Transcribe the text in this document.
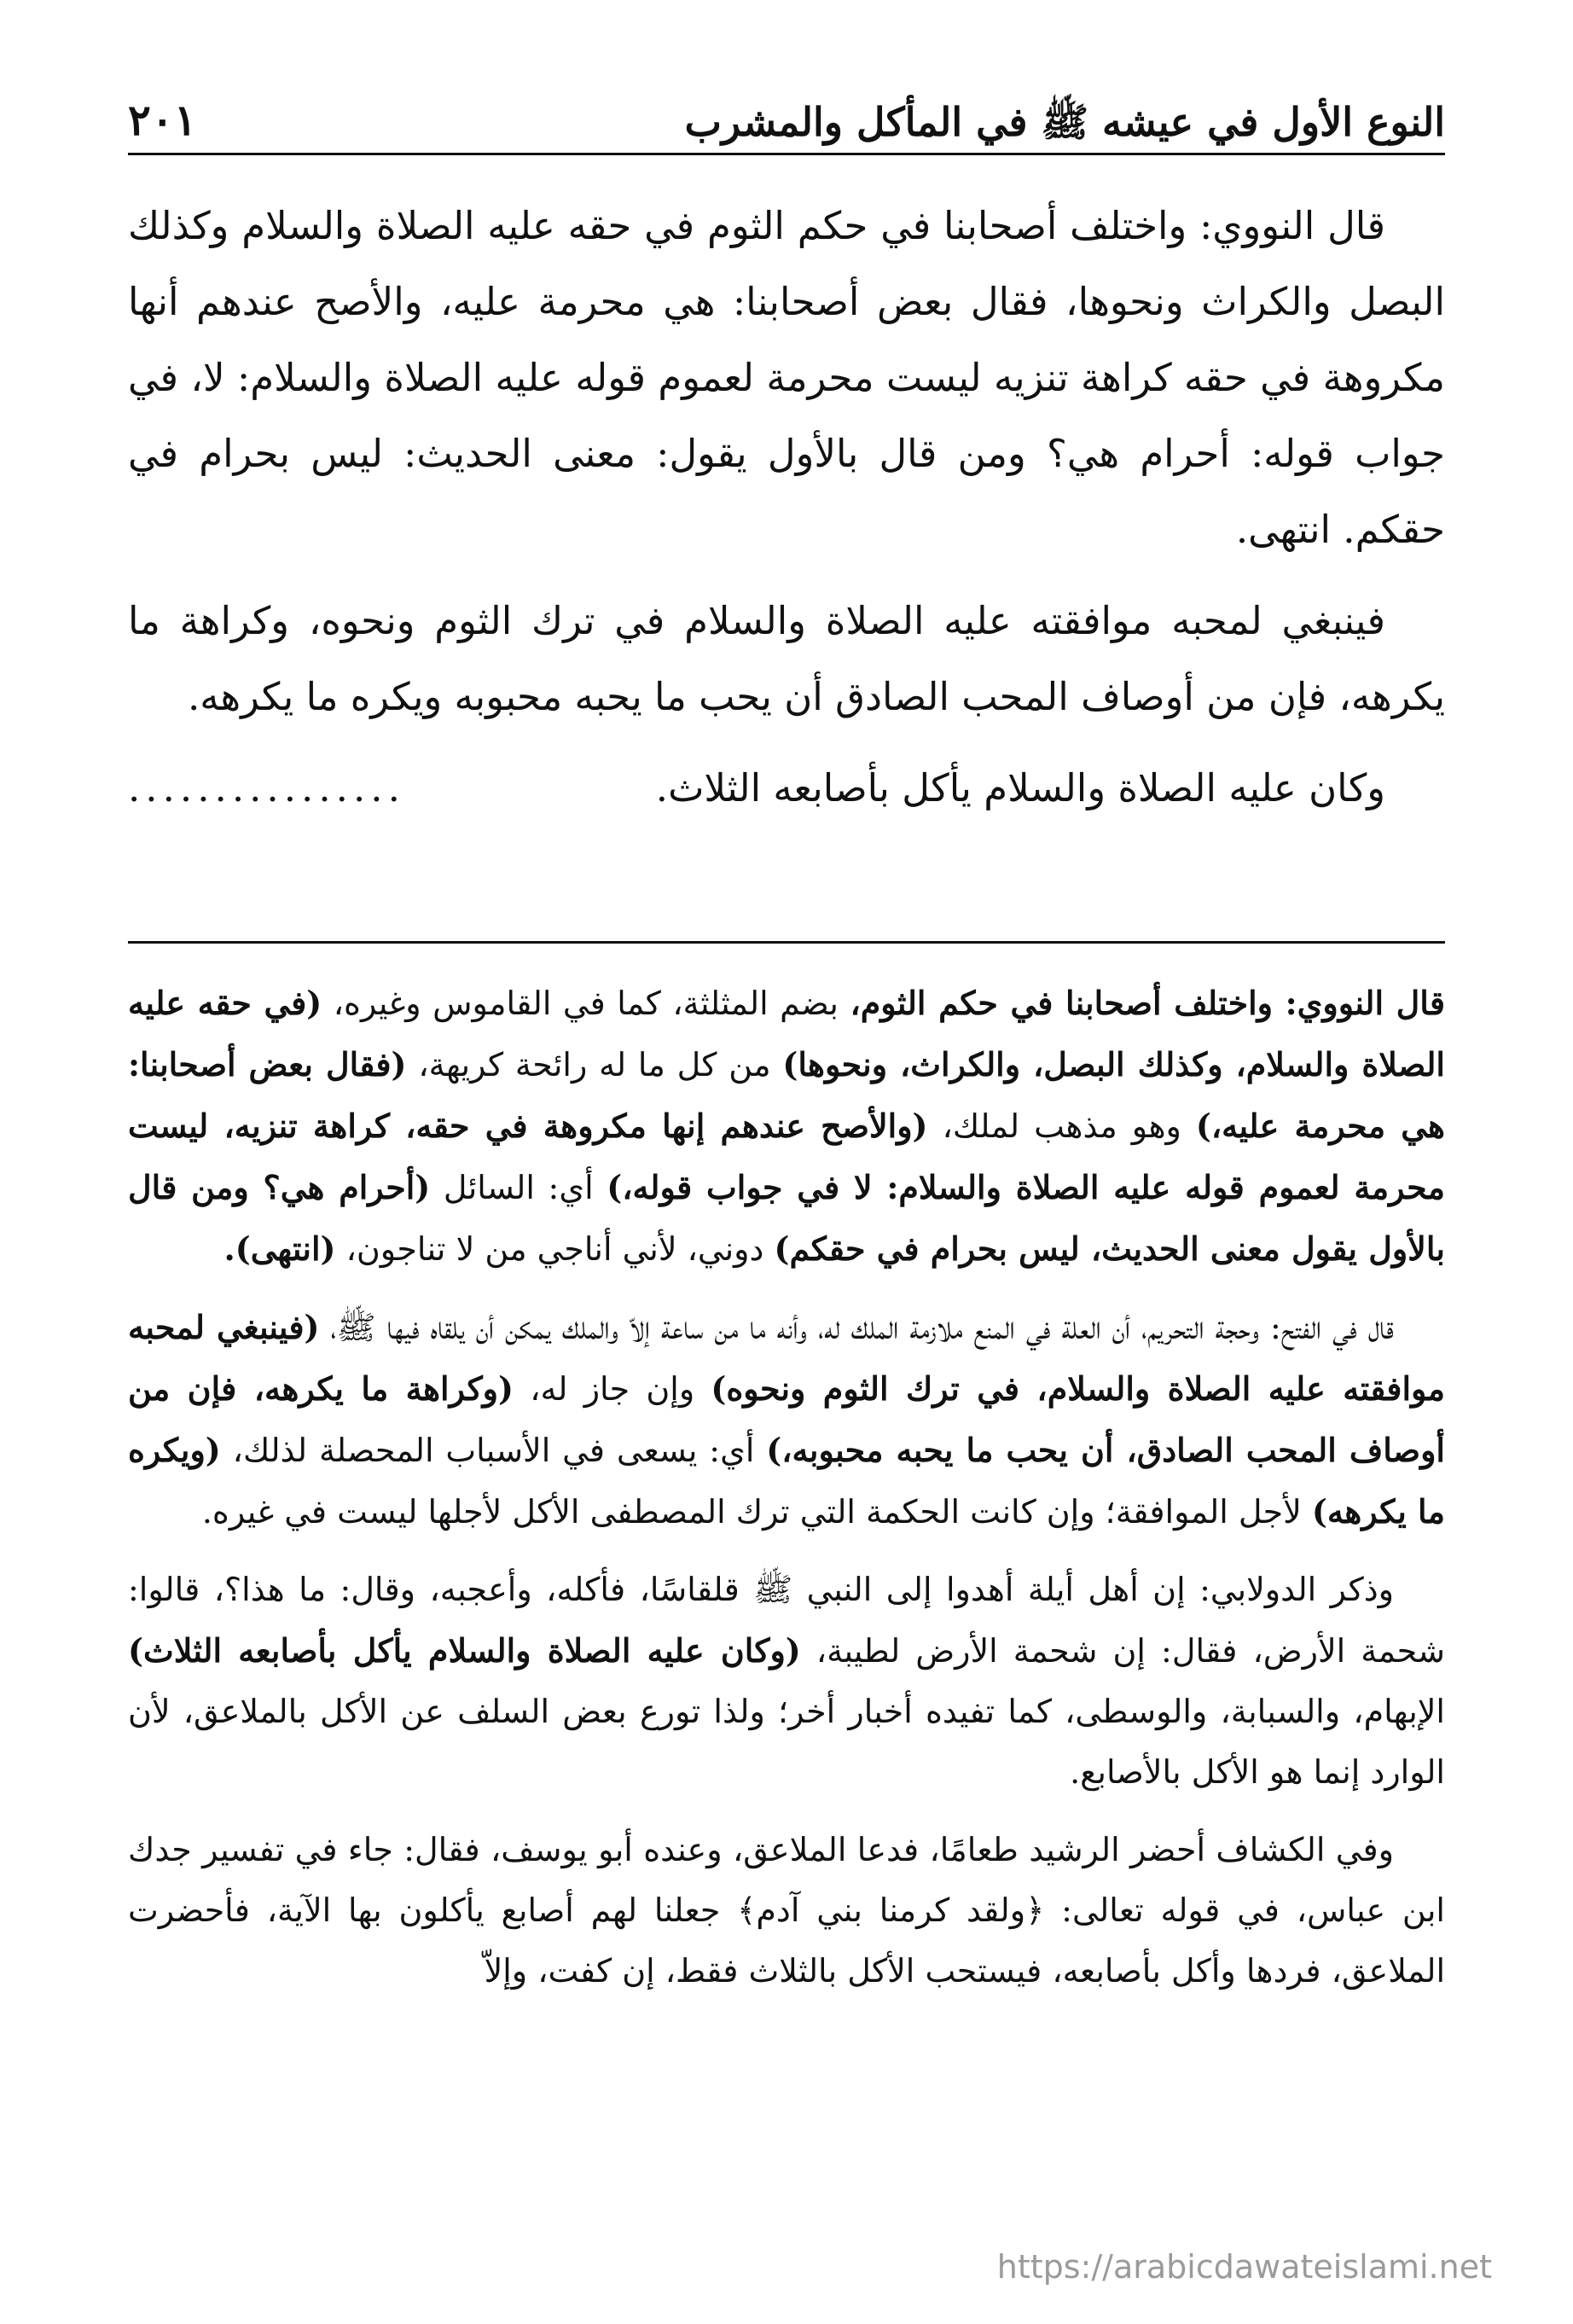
النوع الأول في عيشه ﷺ في المأكل والمشرب
٢٠١

قال النووي: واختلف أصحابنا في حكم الثوم في حقه عليه الصلاة والسلام وكذلك البصل والكراث ونحوها، فقال بعض أصحابنا: هي محرمة عليه، والأصح عندهم أنها مكروهة في حقه كراهة تنزيه ليست محرمة لعموم قوله عليه الصلاة والسلام: لا، في جواب قوله: أحرام هي؟ ومن قال بالأول يقول: معنى الحديث: ليس بحرام في حقكم. انتهى.

فينبغي لمحبه موافقته عليه الصلاة والسلام في ترك الثوم ونحوه، وكراهة ما يكرهه، فإن من أوصاف المحب الصادق أن يحب ما يحبه محبوبه ويكره ما يكرهه.

وكان عليه الصلاة والسلام يأكل بأصابعه الثلاث.
................

قال النووي: واختلف أصحابنا في حكم الثوم، بضم المثلثة، كما في القاموس وغيره، (في حقه عليه الصلاة والسلام، وكذلك البصل، والكراث، ونحوها) من كل ما له رائحة كريهة، (فقال بعض أصحابنا: هي محرمة عليه،) وهو مذهب لملك، (والأصح عندهم إنها مكروهة في حقه، كراهة تنزيه، ليست محرمة لعموم قوله عليه الصلاة والسلام: لا في جواب قوله،) أي: السائل (أحرام هي؟ ومن قال بالأول يقول معنى الحديث، ليس بحرام في حقكم) دوني، لأني أناجي من لا تناجون، (انتهى).

قال في الفتح: وحجة التحريم، أن العلة في المنع ملازمة الملك له، وأنه ما من ساعة إلاّ والملك يمكن أن يلقاه فيها ﷺ، (فينبغي لمحبه موافقته عليه الصلاة والسلام، في ترك الثوم ونحوه) وإن جاز له، (وكراهة ما يكرهه، فإن من أوصاف المحب الصادق، أن يحب ما يحبه محبوبه،) أي: يسعى في الأسباب المحصلة لذلك، (ويكره ما يكرهه) لأجل الموافقة؛ وإن كانت الحكمة التي ترك المصطفى الأكل لأجلها ليست في غيره.

وذكر الدولابي: إن أهل أيلة أهدوا إلى النبي ﷺ قلقاسًا، فأكله، وأعجبه، وقال: ما هذا؟، قالوا: شحمة الأرض، فقال: إن شحمة الأرض لطيبة، (وكان عليه الصلاة والسلام يأكل بأصابعه الثلاث) الإبهام، والسبابة، والوسطى، كما تفيده أخبار أخر؛ ولذا تورع بعض السلف عن الأكل بالملاعق، لأن الوارد إنما هو الأكل بالأصابع.

وفي الكشاف أحضر الرشيد طعامًا، فدعا الملاعق، وعنده أبو يوسف، فقال: جاء في تفسير جدك ابن عباس، في قوله تعالى: ﴿ولقد كرمنا بني آدم﴾ جعلنا لهم أصابع يأكلون بها الآية، فأحضرت الملاعق، فردها وأكل بأصابعه، فيستحب الأكل بالثلاث فقط، إن كفت، وإلاّ

https://arabicdawateislami.net
